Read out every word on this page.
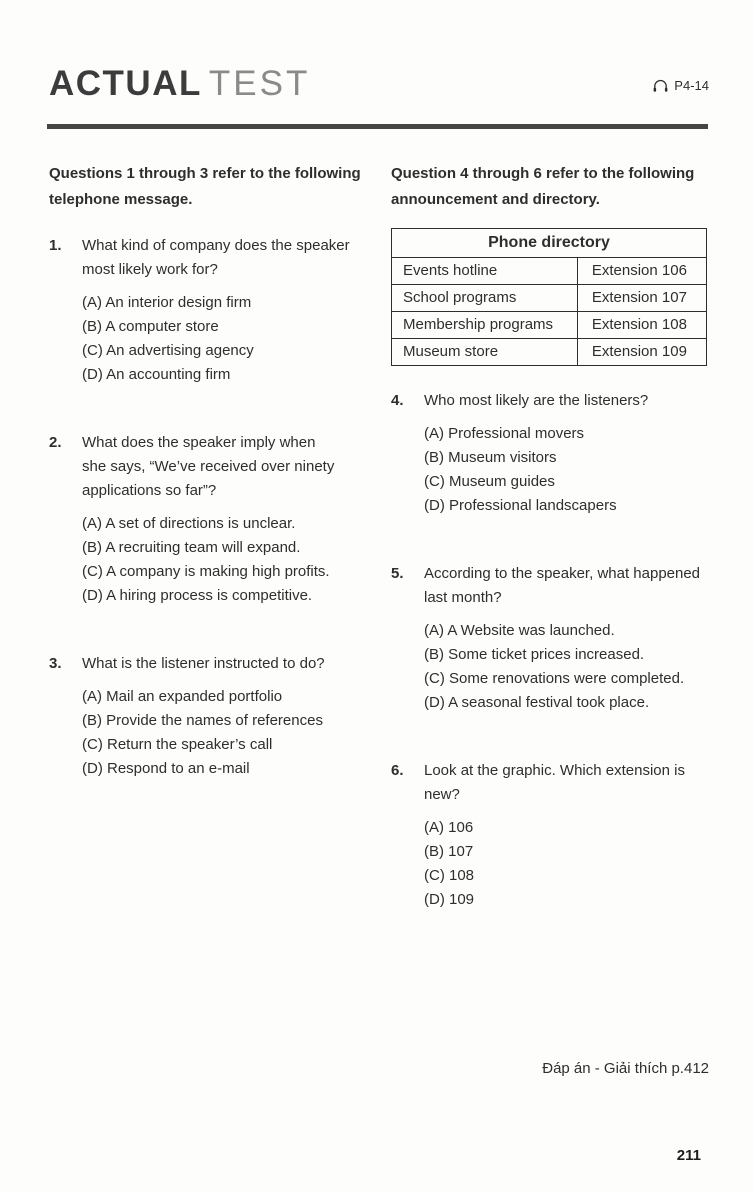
ACTUAL TEST	P4-14

Questions 1 through 3 refer to the following
telephone message.

1.	What kind of company does the speaker
most likely work for?
(A) An interior design firm
(B) A computer store
(C) An advertising agency
(D) An accounting firm
2.	What does the speaker imply when
she says, “We’ve received over ninety
applications so far”?
(A) A set of directions is unclear.
(B) A recruiting team will expand.
(C) A company is making high profits.
(D) A hiring process is competitive.
3.	What is the listener instructed to do?
(A) Mail an expanded portfolio
(B) Provide the names of references
(C) Return the speaker’s call
(D) Respond to an e-mail

Question 4 through 6 refer to the following
announcement and directory.

Phone directory	
Events hotline	Extension 106
School programs	Extension 107
Membership programs	Extension 108
Museum store	Extension 109
4.	Who most likely are the listeners?
(A) Professional movers
(B) Museum visitors
(C) Museum guides
(D) Professional landscapers
5.	According to the speaker, what happened
last month?
(A) A Website was launched.
(B) Some ticket prices increased.
(C) Some renovations were completed.
(D) A seasonal festival took place.
6.	Look at the graphic. Which extension is
new?
(A) 106
(B) 107
(C) 108
(D) 109
Đáp án - Giải thích p.412
211
